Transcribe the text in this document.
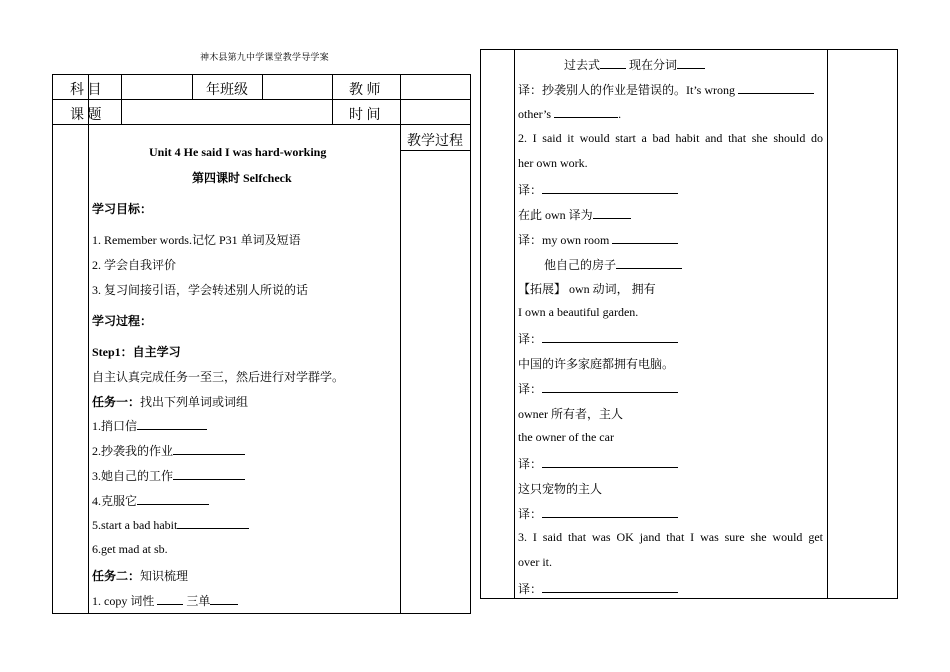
神木县第九中学课堂教学导学案
科 目	年班级	教 师
课 题	时 间
教学过程
Unit 4 He said I was hard-working
第四课时 Selfcheck
学习目标：
1. Remember words.记忆 P31 单词及短语
2. 学会自我评价
3. 复习间接引语，学会转述别人所说的话
学习过程：
Step1：自主学习
自主认真完成任务一至三，然后进行对学群学。
任务一：找出下列单词或词组
1.捎口信
2.抄袭我的作业
3.她自己的工作
4.克服它
5.start a bad habit
6.get mad at sb.
任务二：知识梳理
1. copy 词性	三单
过去式 现在分词
译：抄袭别人的作业是错误的。It’s wrong
other’s	.
2. I said it would start a bad habit and that she should do
her own work.
译：
在此 own 译为
译：my own room
他自己的房子
【拓展】 own 动词， 拥有
I own a beautiful garden.
译：
中国的许多家庭都拥有电脑。
译：
owner 所有者，主人
the owner of the car
译：
这只宠物的主人
译：
3. I said that was OK jand that I was sure she would get
over it.
译：
